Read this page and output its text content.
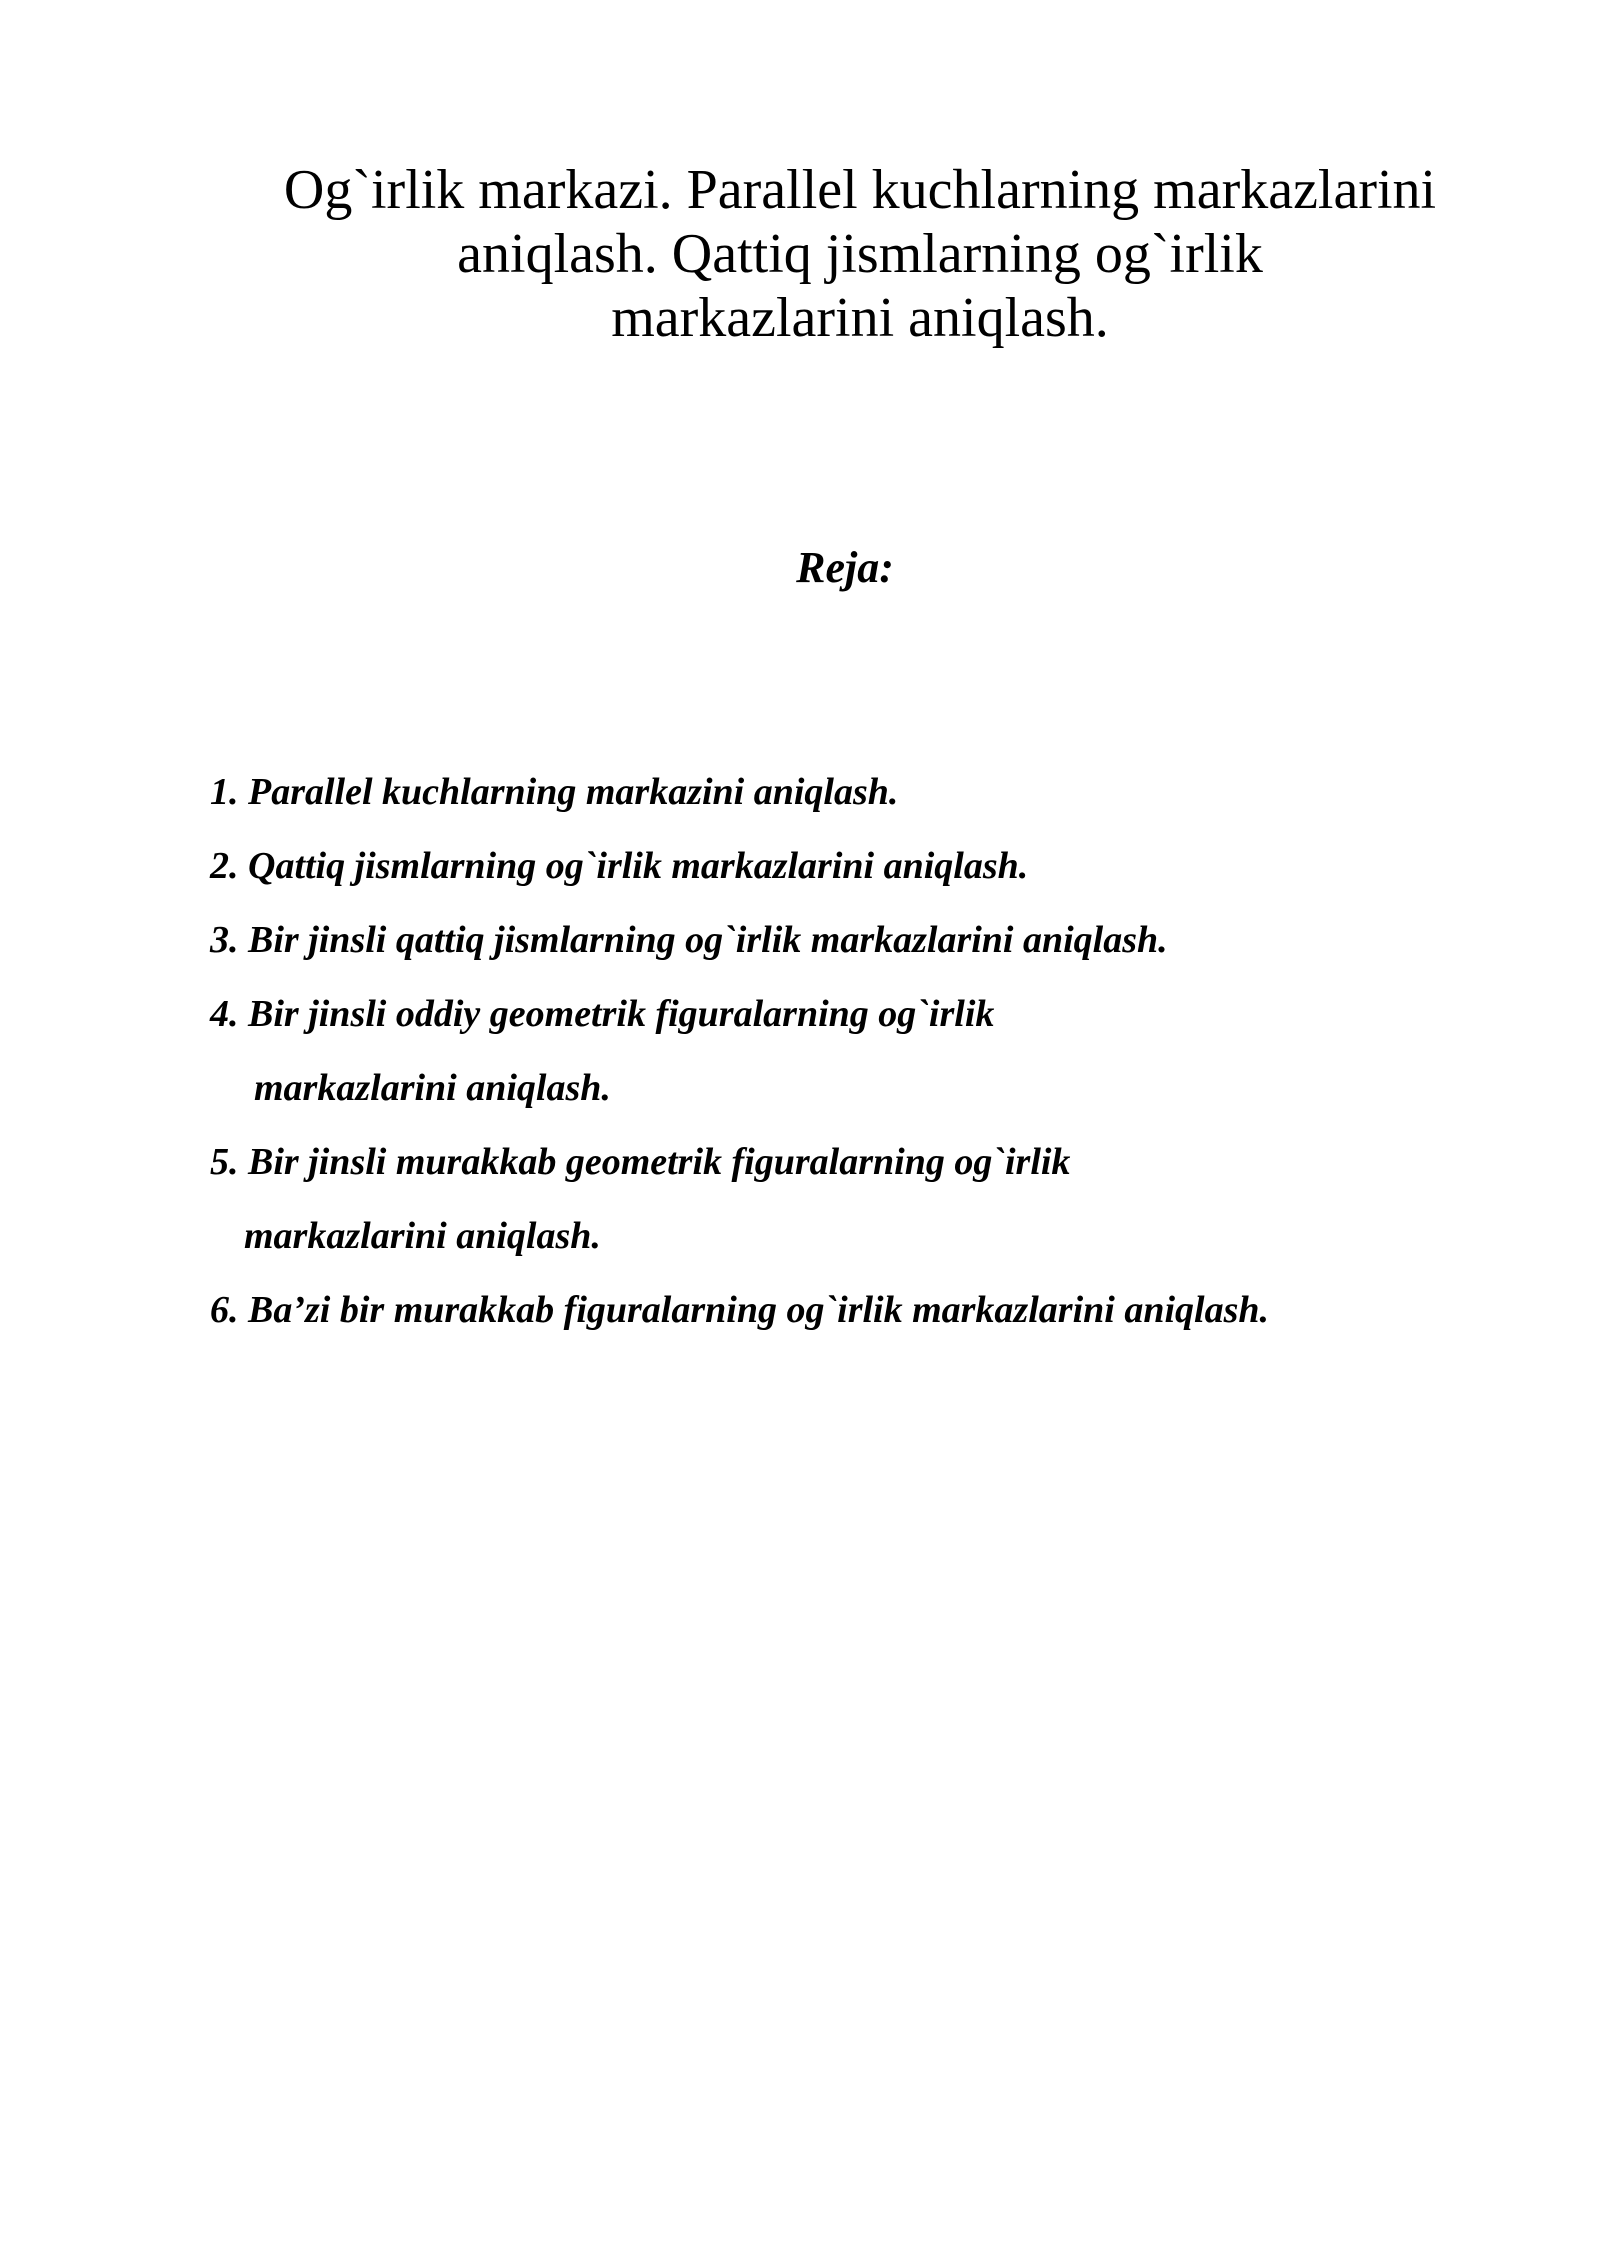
Og`irlik markazi. Parallel kuchlarning markazlarini
aniqlash. Qattiq jismlarning og`irlik
markazlarini aniqlash.
Reja:
1. Parallel kuchlarning markazini aniqlash.
2. Qattiq jismlarning og`irlik markazlarini aniqlash.
3. Bir jinsli qattiq jismlarning og`irlik markazlarini aniqlash.
4. Bir jinsli oddiy geometrik figuralarning og`irlik
markazlarini aniqlash.
5. Bir jinsli murakkab geometrik figuralarning og`irlik
markazlarini aniqlash.
6. Ba’zi bir murakkab figuralarning og`irlik markazlarini aniqlash.
